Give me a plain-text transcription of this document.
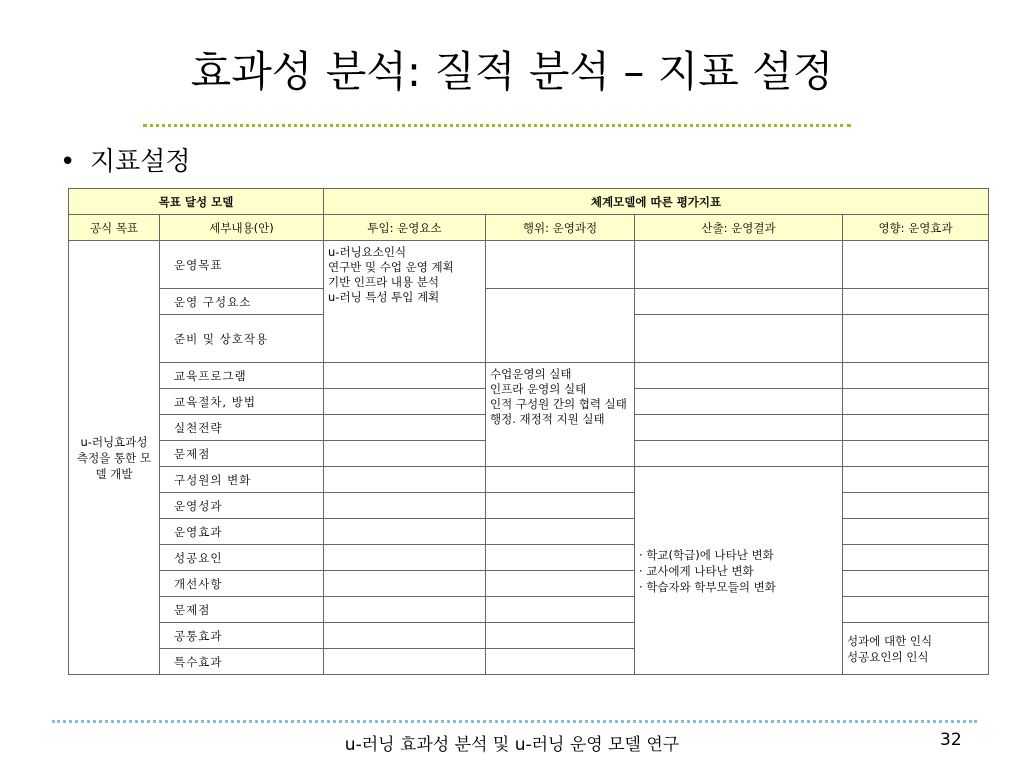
효과성 분석: 질적 분석 – 지표 설정
• 지표설정
목표 달성 모델		체계모델에 따른 평가지표			
공식 목표	세부내용(안)	투입: 운영요소	행위: 운영과정	산출: 운영결과	영향: 운영효과
u-러닝효과성 측정을 통한 모델 개발	운영목표	u-러닝요소인식
연구반 및 수업 운영 계획
기반 인프라 내용 분석
u-러닝 특성 투입 계획			

	운영 구성요소				
	준비 및 상호작용				
	교육프로그램		수업운영의 실태
인프라 운영의 실태
인적 구성원 간의 협력 실태
행정. 재정적 지원 실태		

	교육절차, 방법				
	실천전략				
	문제점				
	구성원의 변화			· 학교(학급)에 나타난 변화
· 교사에게 나타난 변화
· 학습자와 학부모들의 변화	

	운영성과				
	운영효과				
	성공요인				
	개선사항				
	문제점				
	공통효과				성과에 대한 인식
성공요인의 인식

	특수효과				
u-러닝 효과성 분석 및 u-러닝 운영 모델 연구	32
